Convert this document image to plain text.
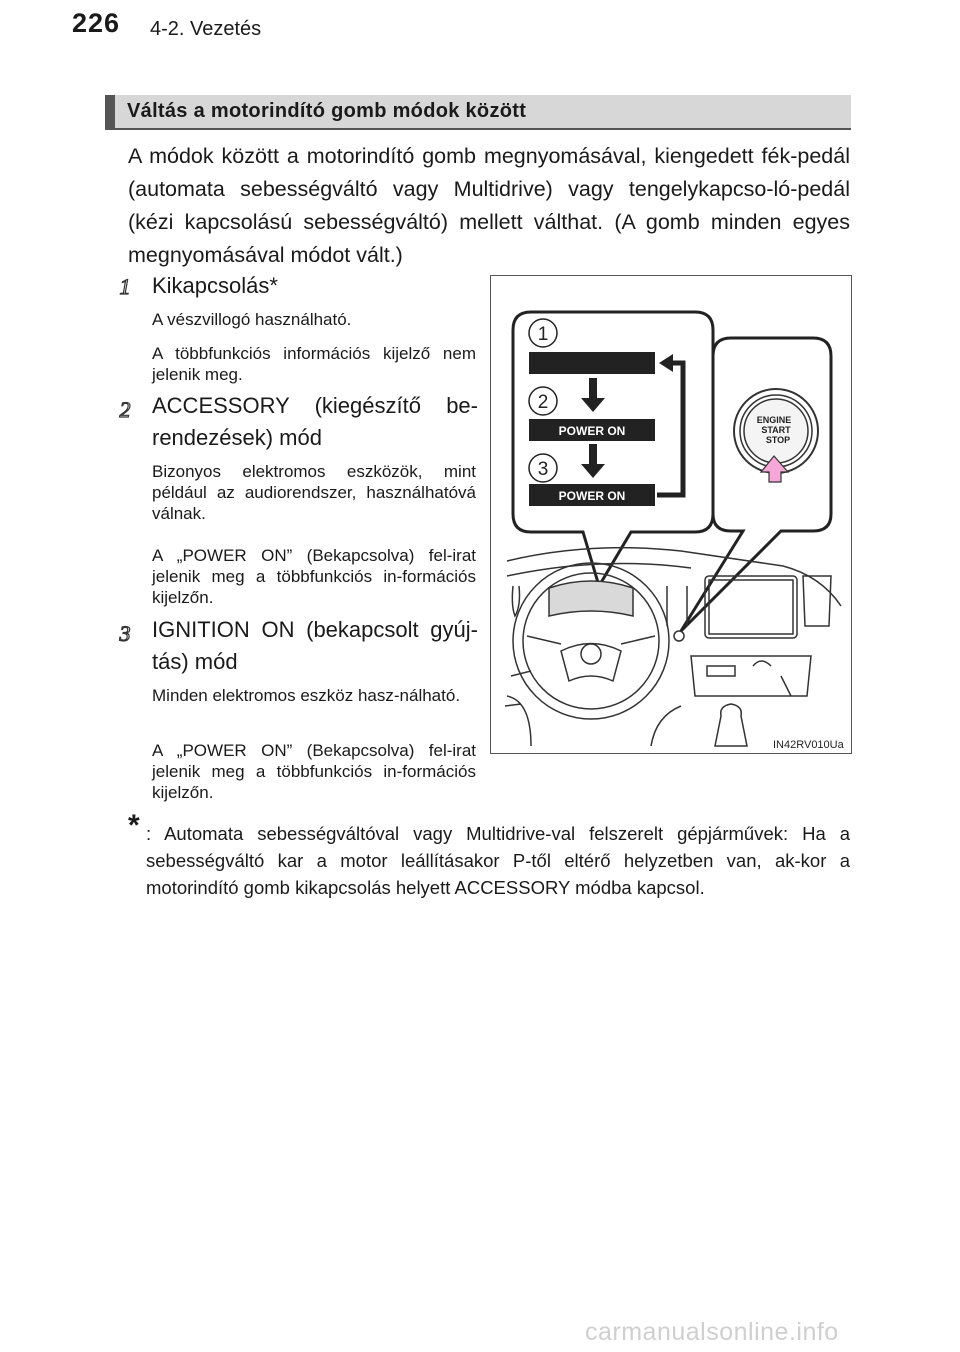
226 4-2. Vezetés
Váltás a motorindító gomb módok között
A módok között a motorindító gomb megnyomásával, kiengedett fék-pedál (automata sebességváltó vagy Multidrive) vagy tengelykapcso-ló-pedál (kézi kapcsolású sebességváltó) mellett válthat. (A gomb minden egyes megnyomásával módot vált.)
1 Kikapcsolás*
A vészvillogó használható.
A többfunkciós információs kijelző nem jelenik meg.
2 ACCESSORY (kiegészítő be-rendezések) mód
Bizonyos elektromos eszközök, mint például az audiorendszer, használhatóvá válnak.
A „POWER ON” (Bekapcsolva) fel-irat jelenik meg a többfunkciós in-formációs kijelzőn.
3 IGNITION ON (bekapcsolt gyúj-tás) mód
Minden elektromos eszköz hasz-nálható.
A „POWER ON” (Bekapcsolva) fel-irat jelenik meg a többfunkciós in-formációs kijelzőn.
* : Automata sebességváltóval vagy Multidrive-val felszerelt gépjárművek: Ha a sebességváltó kar a motor leállításakor P-től eltérő helyzetben van, ak-kor a motorindító gomb kikapcsolás helyett ACCESSORY módba kapcsol.
1
2
3
POWER ON
POWER ON
ENGINE
START
STOP
IN42RV010Ua
carmanualsonline.info
